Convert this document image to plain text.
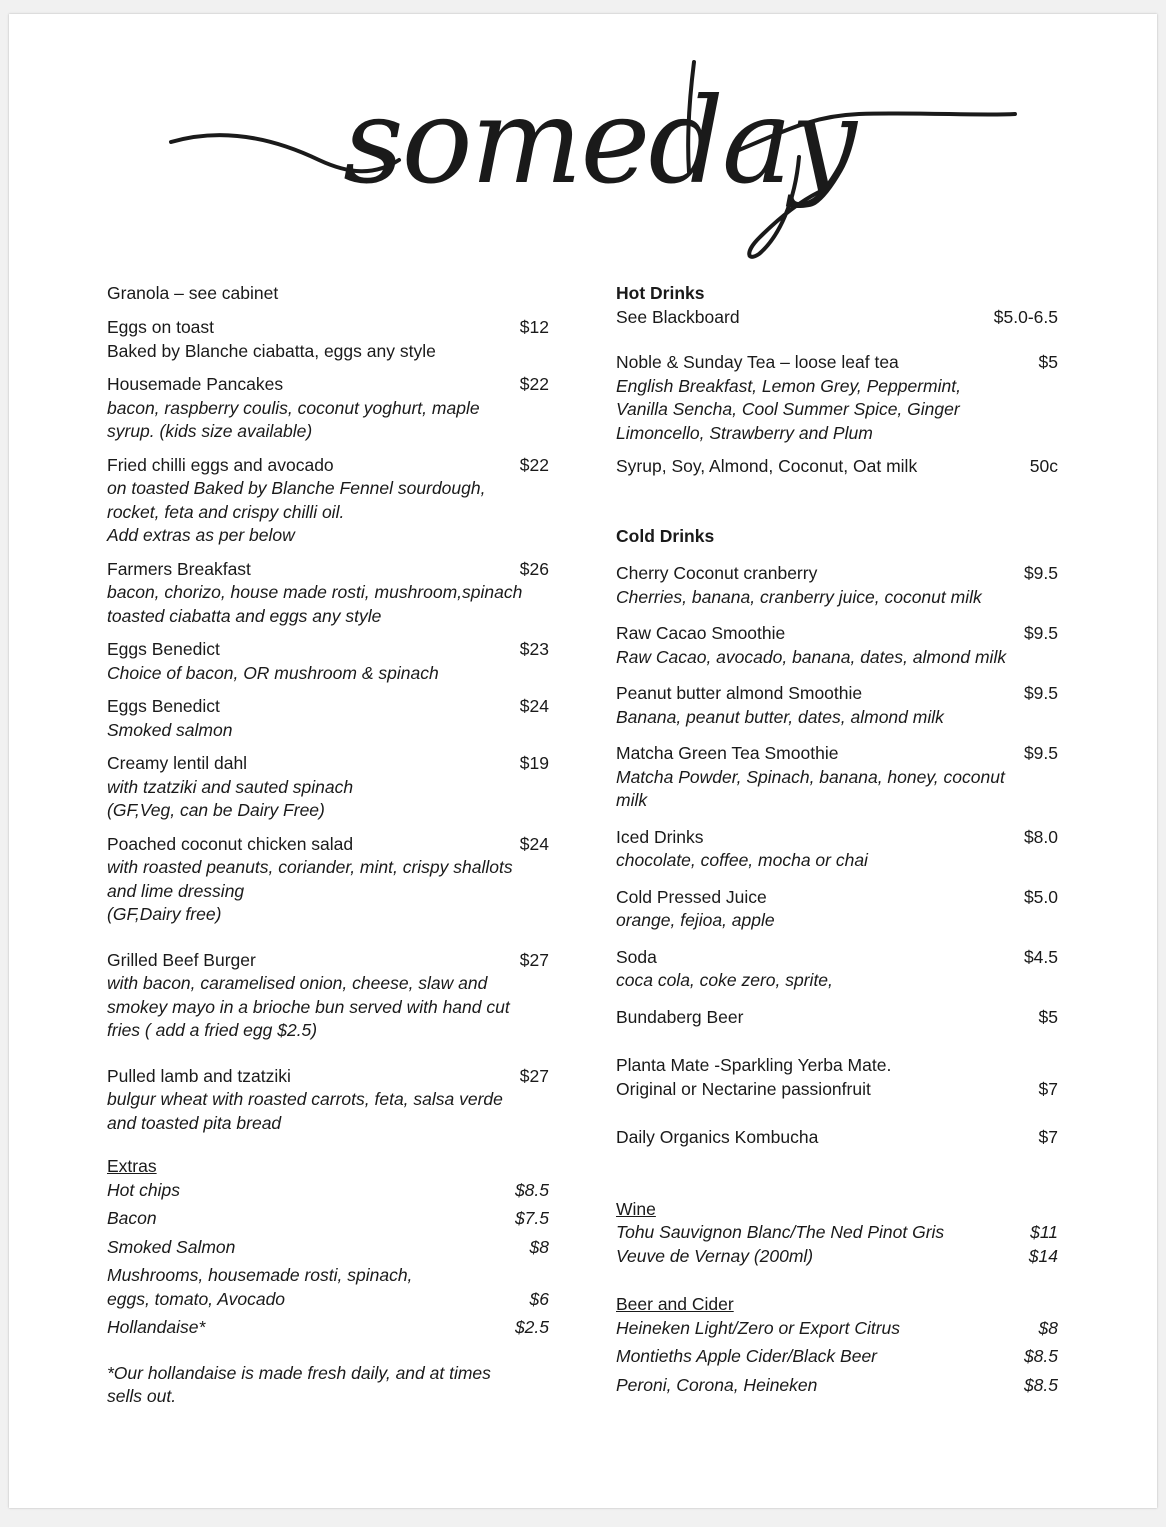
someday
Granola – see cabinet
Eggs on toast	$12
Baked by Blanche ciabatta, eggs any style
Housemade Pancakes	$22
bacon, raspberry coulis, coconut yoghurt, maple
syrup. (kids size available)
Fried chilli eggs and avocado	$22
on toasted Baked by Blanche Fennel sourdough,
rocket, feta and crispy chilli oil.
Add extras as per below
Farmers Breakfast	$26
bacon, chorizo, house made rosti, mushroom,spinach
toasted ciabatta and eggs any style
Eggs Benedict	$23
Choice of bacon, OR mushroom & spinach
Eggs Benedict	$24
Smoked salmon
Creamy lentil dahl	$19
with tzatziki and sauted spinach
(GF,Veg, can be Dairy Free)
Poached coconut chicken salad	$24
with roasted peanuts, coriander, mint, crispy shallots
and lime dressing
(GF,Dairy free)
Grilled Beef Burger	$27
with bacon, caramelised onion, cheese, slaw and
smokey mayo in a brioche bun served with hand cut
fries ( add a fried egg $2.5)
Pulled lamb and tzatziki	$27
bulgur wheat with roasted carrots, feta, salsa verde
and toasted pita bread
Extras
Hot chips	$8.5
Bacon	$7.5
Smoked Salmon	$8
Mushrooms, housemade rosti, spinach,
eggs, tomato, Avocado	$6
Hollandaise*	$2.5
*Our hollandaise is made fresh daily, and at times
sells out.
Hot Drinks
See Blackboard	$5.0-6.5
Noble & Sunday Tea – loose leaf tea	$5
English Breakfast, Lemon Grey, Peppermint,
Vanilla Sencha, Cool Summer Spice, Ginger
Limoncello, Strawberry and Plum
Syrup, Soy, Almond, Coconut, Oat milk	50c
Cold Drinks
Cherry Coconut cranberry	$9.5
Cherries, banana, cranberry juice, coconut milk
Raw Cacao Smoothie	$9.5
Raw Cacao, avocado, banana, dates, almond milk
Peanut butter almond Smoothie	$9.5
Banana, peanut butter, dates, almond milk
Matcha Green Tea Smoothie	$9.5
Matcha Powder, Spinach, banana, honey, coconut
milk
Iced Drinks	$8.0
chocolate, coffee, mocha or chai
Cold Pressed Juice	$5.0
orange, fejioa, apple
Soda	$4.5
coca cola, coke zero, sprite,
Bundaberg Beer	$5
Planta Mate -Sparkling Yerba Mate.
Original or Nectarine passionfruit	$7
Daily Organics Kombucha	$7
Wine
Tohu Sauvignon Blanc/The Ned Pinot Gris	$11
Veuve de Vernay (200ml)	$14
Beer and Cider
Heineken Light/Zero or Export Citrus	$8
Montieths Apple Cider/Black Beer	$8.5
Peroni, Corona, Heineken	$8.5
